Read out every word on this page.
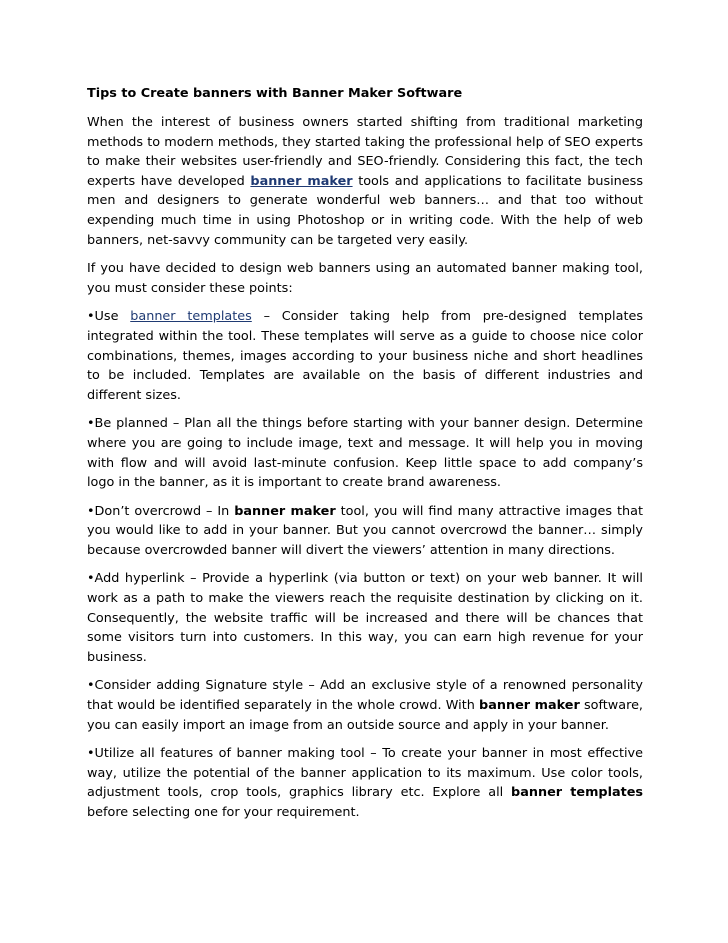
Tips to Create banners with Banner Maker Software

When the interest of business owners started shifting from traditional marketing methods to modern methods, they started taking the professional help of SEO experts to make their websites user-friendly and SEO-friendly. Considering this fact, the tech experts have developed banner maker tools and applications to facilitate business men and designers to generate wonderful web banners… and that too without expending much time in using Photoshop or in writing code. With the help of web banners, net-savvy community can be targeted very easily.

If you have decided to design web banners using an automated banner making tool, you must consider these points:

•Use banner templates – Consider taking help from pre-designed templates integrated within the tool. These templates will serve as a guide to choose nice color combinations, themes, images according to your business niche and short headlines to be included. Templates are available on the basis of different industries and different sizes.

•Be planned – Plan all the things before starting with your banner design. Determine where you are going to include image, text and message. It will help you in moving with flow and will avoid last-minute confusion. Keep little space to add company’s logo in the banner, as it is important to create brand awareness.

•Don’t overcrowd – In banner maker tool, you will find many attractive images that you would like to add in your banner. But you cannot overcrowd the banner… simply because overcrowded banner will divert the viewers’ attention in many directions.

•Add hyperlink – Provide a hyperlink (via button or text) on your web banner. It will work as a path to make the viewers reach the requisite destination by clicking on it. Consequently, the website traffic will be increased and there will be chances that some visitors turn into customers. In this way, you can earn high revenue for your business.

•Consider adding Signature style – Add an exclusive style of a renowned personality that would be identified separately in the whole crowd. With banner maker software, you can easily import an image from an outside source and apply in your banner.

•Utilize all features of banner making tool – To create your banner in most effective way, utilize the potential of the banner application to its maximum. Use color tools, adjustment tools, crop tools, graphics library etc. Explore all banner templates before selecting one for your requirement.
